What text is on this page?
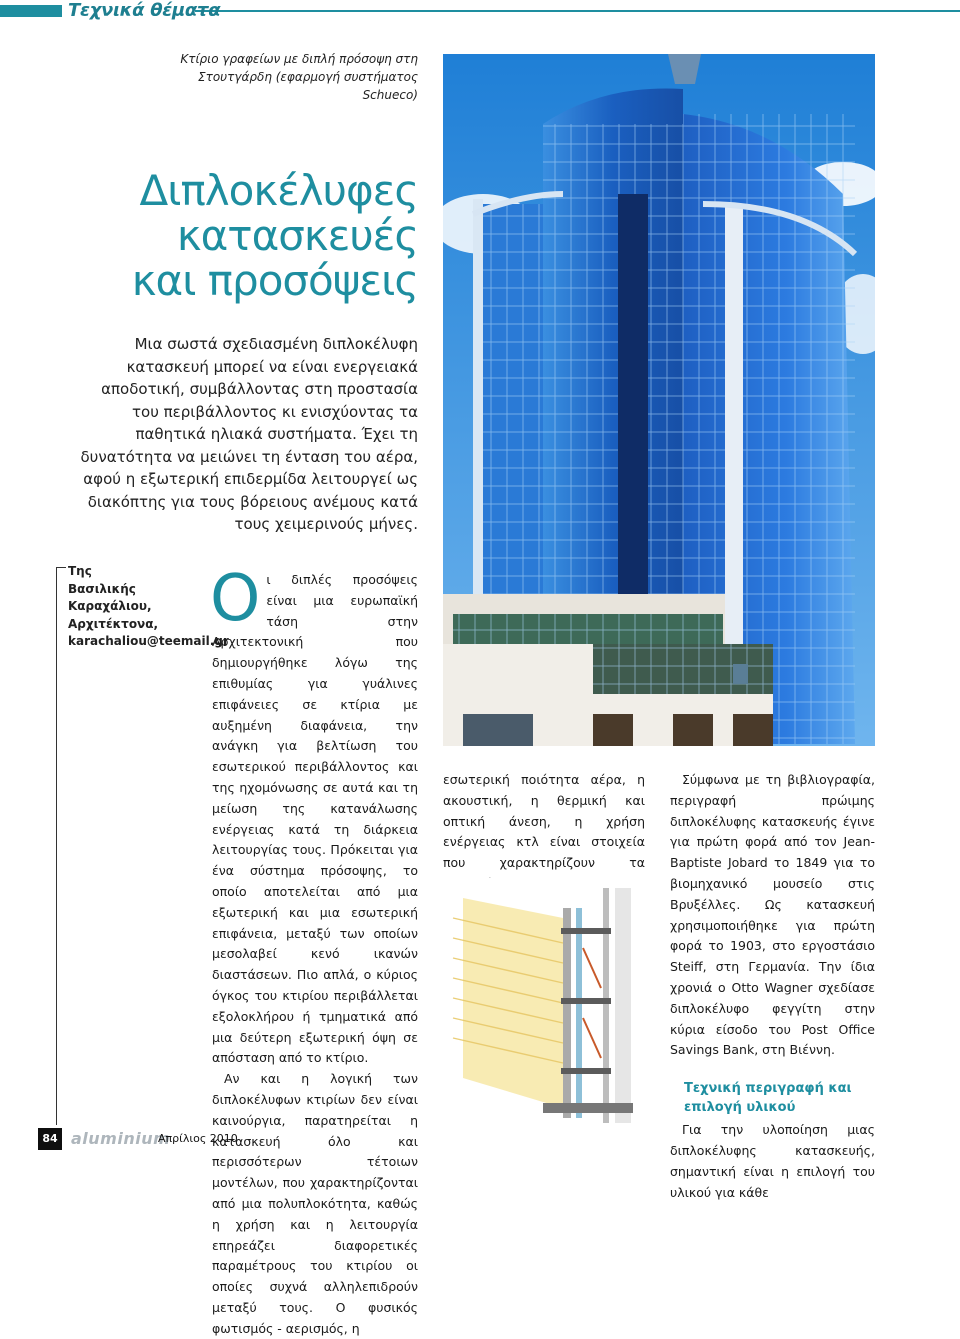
Τεχνικά θέματα
Κτίριο γραφείων με διπλή πρόσοψη στη Στουτγάρδη (εφαρμογή συστήματος Schueco)
Διπλοκέλυφες
κατασκευές
και προσόψεις
Μια σωστά σχεδιασμένη διπλοκέλυφη κατασκευή μπορεί να είναι ενεργειακά αποδοτική, συμβάλλοντας στη προστασία του περιβάλλοντος κι ενισχύοντας τα παθητικά ηλιακά συστήματα. Έχει τη δυνατότητα να μειώνει τη ένταση του αέρα, αφού η εξωτερική επιδερμίδα λειτουργεί ως διακόπτης για τους βόρειους ανέμους κατά τους χειμερινούς μήνες.
Της
Βασιλικής Καραχάλιου,
Αρχιτέκτονα,
karachaliou@teemail.gr
Ο ι διπλές προσόψεις είναι μια ευρωπαϊκή τάση στην Αρχιτεκτονική που δημιουργήθηκε λόγω της επιθυμίας για γυάλινες επιφάνειες σε κτίρια με αυξημένη διαφάνεια, την ανάγκη για βελτίωση του εσωτερικού περιβάλλοντος και της ηχομόνωσης σε αυτά και τη μείωση της κατανάλωσης ενέργειας κατά τη διάρκεια λειτουργίας τους. Πρόκειται για ένα σύστημα πρόσοψης, το οποίο αποτελείται από μια εξωτερική και μια εσωτερική επιφάνεια, μεταξύ των οποίων μεσολαβεί κενό ικανών διαστάσεων. Πιο απλά, ο κύριος όγκος του κτιρίου περιβάλλεται εξολοκλήρου ή τμηματικά από μια δεύτερη εξωτερική όψη σε απόσταση από το κτίριο.

Αν και η λογική των διπλοκέλυφων κτιρίων δεν είναι καινούργια, παρατηρείται η κατασκευή όλο και περισσότερων τέτοιων μοντέλων, που χαρακτηρίζονται από μια πολυπλοκότητα, καθώς η χρήση και η λειτουργία επηρεάζει διαφορετικές παραμέτρους του κτιρίου οι οποίες συχνά αλληλεπιδρούν μεταξύ τους. Ο φυσικός φωτισμός - αερισμός, η

εσωτερική ποιότητα αέρα, η ακουστική, η θερμική και οπτική άνεση, η χρήση ενέργειας κτλ είναι στοιχεία που χαρακτηρίζουν τα

Σύμφωνα με τη βιβλιογραφία, περιγραφή πρώιμης διπλοκέλυφης κατασκευής έγινε για πρώτη φορά από τον Jean-Baptiste Jobard το 1849 για το βιομηχανικό μουσείο στις Βρυξέλλες. Ως κατασκευή χρησιμοποιήθηκε για πρώτη φορά το 1903, στο εργοστάσιο Steiff, στη Γερμανία. Την ίδια χρονιά ο Otto Wagner σχεδίασε διπλοκέλυφο φεγγίτη στην κύρια είσοδο του Post Office Savings Bank, στη Βιέννη.

Τεχνική περιγραφή και επιλογή υλικού

Για την υλοποίηση μιας διπλοκέλυφης κατασκευής, σημαντική είναι η επιλογή του υλικού για κάθε

84 aluminium
Απρίλιος 2010
